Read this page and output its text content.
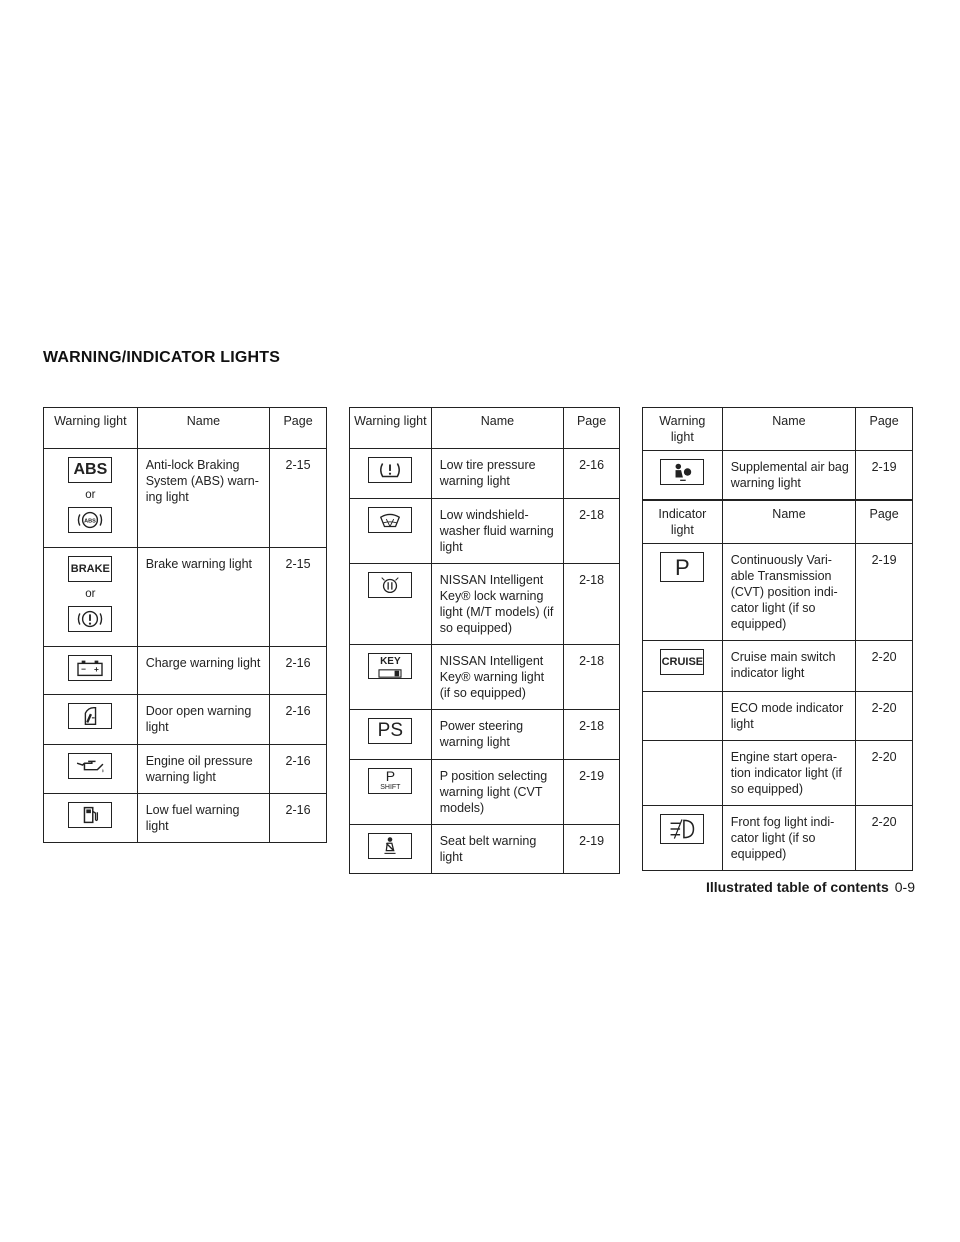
WARNING/INDICATOR LIGHTS
Warning light	Name	Page
ABS
or
ABS	Anti-lock Braking System (ABS) warn- ing light	2-15
BRAKE
or	Brake warning light	2-15

− +	Charge warning light	2-16

	Door open warning light	2-16

	Engine oil pressure warning light	2-16

	Low fuel warning light	2-16
Warning light	Name	Page

	Low tire pressure warning light	2-16

	Low windshield- washer fluid warning light	2-18

	NISSAN Intelligent Key® lock warning light (M/T models) (if so equipped)	2-18
KEY	NISSAN Intelligent Key® warning light (if so equipped)	2-18
PS	Power steering warning light	2-18

P
SHIFT	P position selecting warning light (CVT models)	2-19

	Seat belt warning light	2-19
Warning light	Name	Page

	Supplemental air bag warning light	2-19
Indicator light	Name	Page
P	Continuously Vari- able Transmission (CVT) position indi- cator light (if so equipped)	2-19
CRUISE	Cruise main switch indicator light	2-20
	ECO mode indicator light	2-20
	Engine start opera- tion indicator light (if so equipped)	2-20

	Front fog light indi- cator light (if so equipped)	2-20
Illustrated table of contents 0-9
